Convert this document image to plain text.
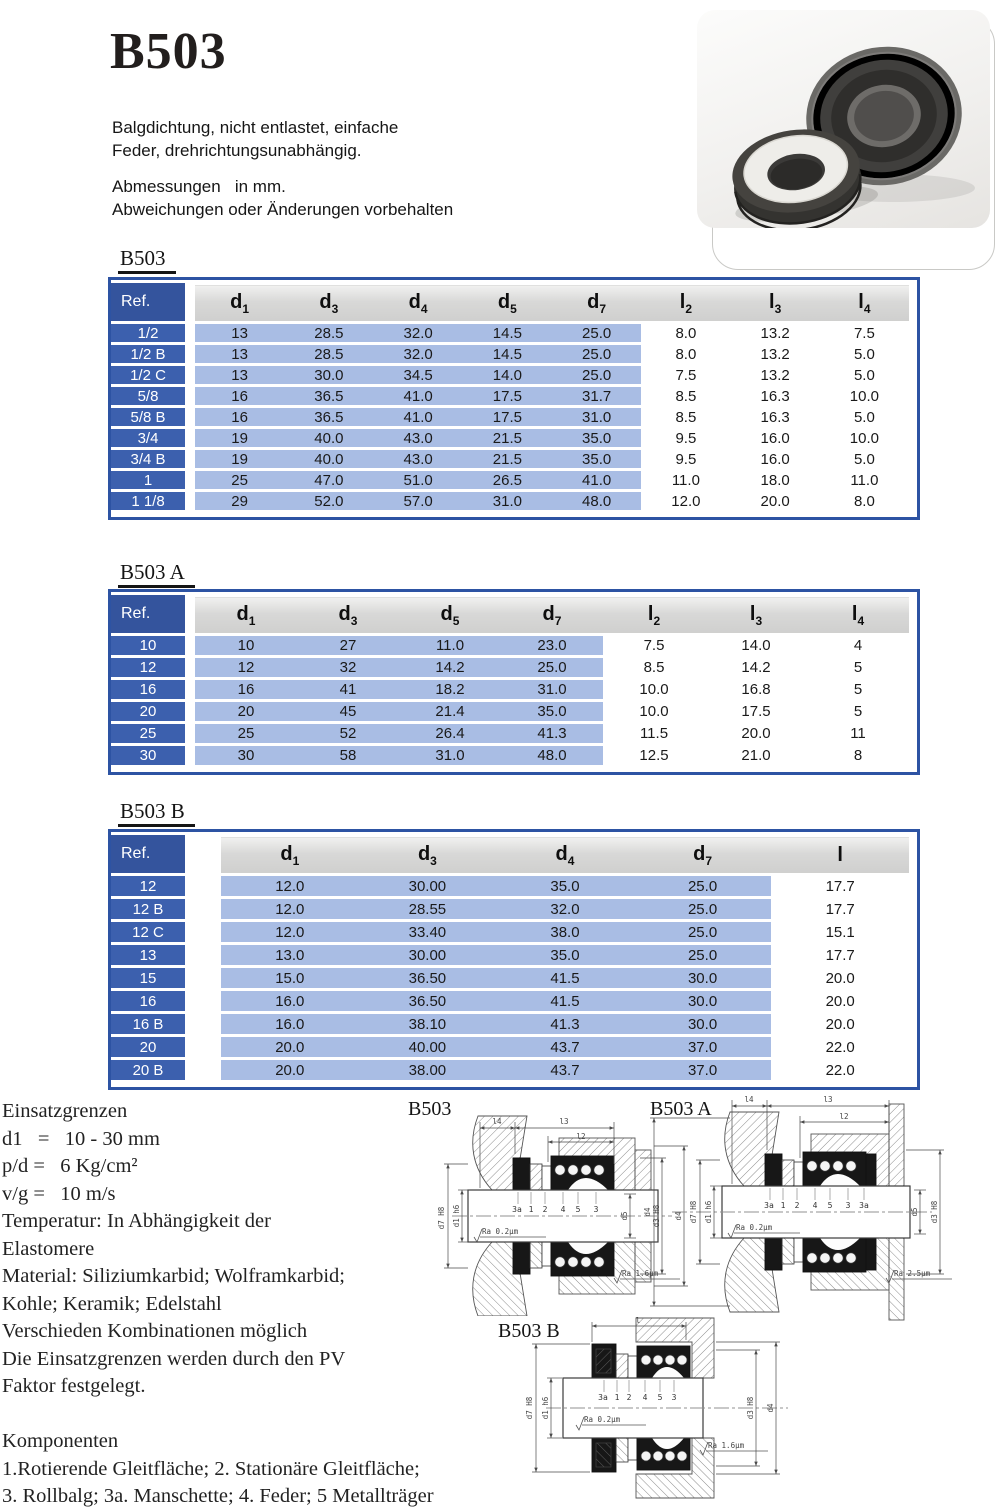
B503
Balgdichtung, nicht entlastet, einfache
Feder, drehrichtungsunabhängig.
Abmessungen   in mm.
Abweichungen oder Änderungen vorbehalten
B503
Ref.		$d_1$	$d_3$	$d_4$	$d_5$	$d_7$	$l_2$	$l_3$	$l_4$
1/2		13	28.5	32.0	14.5	25.0	8.0	13.2	7.5
1/2 B		13	28.5	32.0	14.5	25.0	8.0	13.2	5.0
1/2 C		13	30.0	34.5	14.0	25.0	7.5	13.2	5.0
5/8		16	36.5	41.0	17.5	31.7	8.5	16.3	10.0
5/8 B		16	36.5	41.0	17.5	31.0	8.5	16.3	5.0
3/4		19	40.0	43.0	21.5	35.0	9.5	16.0	10.0
3/4 B		19	40.0	43.0	21.5	35.0	9.5	16.0	5.0
1		25	47.0	51.0	26.5	41.0	11.0	18.0	11.0
1 1/8		29	52.0	57.0	31.0	48.0	12.0	20.0	8.0
B503 A
Ref.		$d_1$	$d_3$	$d_5$	$d_7$	$l_2$	$l_3$	$l_4$
10		10	27	11.0	23.0	7.5	14.0	4
12		12	32	14.2	25.0	8.5	14.2	5
16		16	41	18.2	31.0	10.0	16.8	5
20		20	45	21.4	35.0	10.0	17.5	5
25		25	52	26.4	41.3	11.5	20.0	11
30		30	58	31.0	48.0	12.5	21.0	8
B503 B
Ref.		$d_1$	$d_3$	$d_4$	$d_7$	l
12		12.0	30.00	35.0	25.0	17.7
12 B		12.0	28.55	32.0	25.0	17.7
12 C		12.0	33.40	38.0	25.0	15.1
13		13.0	30.00	35.0	25.0	17.7
15		15.0	36.50	41.5	30.0	20.0
16		16.0	36.50	41.5	30.0	20.0
16 B		16.0	38.10	41.3	30.0	20.0
20		20.0	40.00	43.7	37.0	22.0
20 B		20.0	38.00	43.7	37.0	22.0
Einsatzgrenzen
d1   =   10 - 30 mm
p/d =   6 Kg/cm²
v/g =   10 m/s
Temperatur: In Abhängigkeit der
Elastomere
Material: Siliziumkarbid; Wolframkarbid;
Kohle; Keramik; Edelstahl
Verschieden Kombinationen möglich
Die Einsatzgrenzen werden durch den PV
Faktor festgelegt.
Komponenten
1.Rotierende Gleitfläche; 2. Stationäre Gleitfläche;
3. Rollbalg; 3a. Manschette; 4. Feder; 5 Metallträger
B503
3a 1 2 4 5 3
l4	l3
l2
d7 H8 d1 h6	d5	d3 H8 d4
Ra 0.2µm
Ra 1.6µm
B503 A
3a 1 2 4 5 3 3a
l4	l3
l2
d4	d7 H8 d1 h6	d5 d3 H8
Ra 0.2µm
Ra 2.5µm
B503 B
3a 1 2 4 5 3
l
d7 H8 d1 h6	d3 H8 d4
Ra 0.2µm
Ra 1.6µm
